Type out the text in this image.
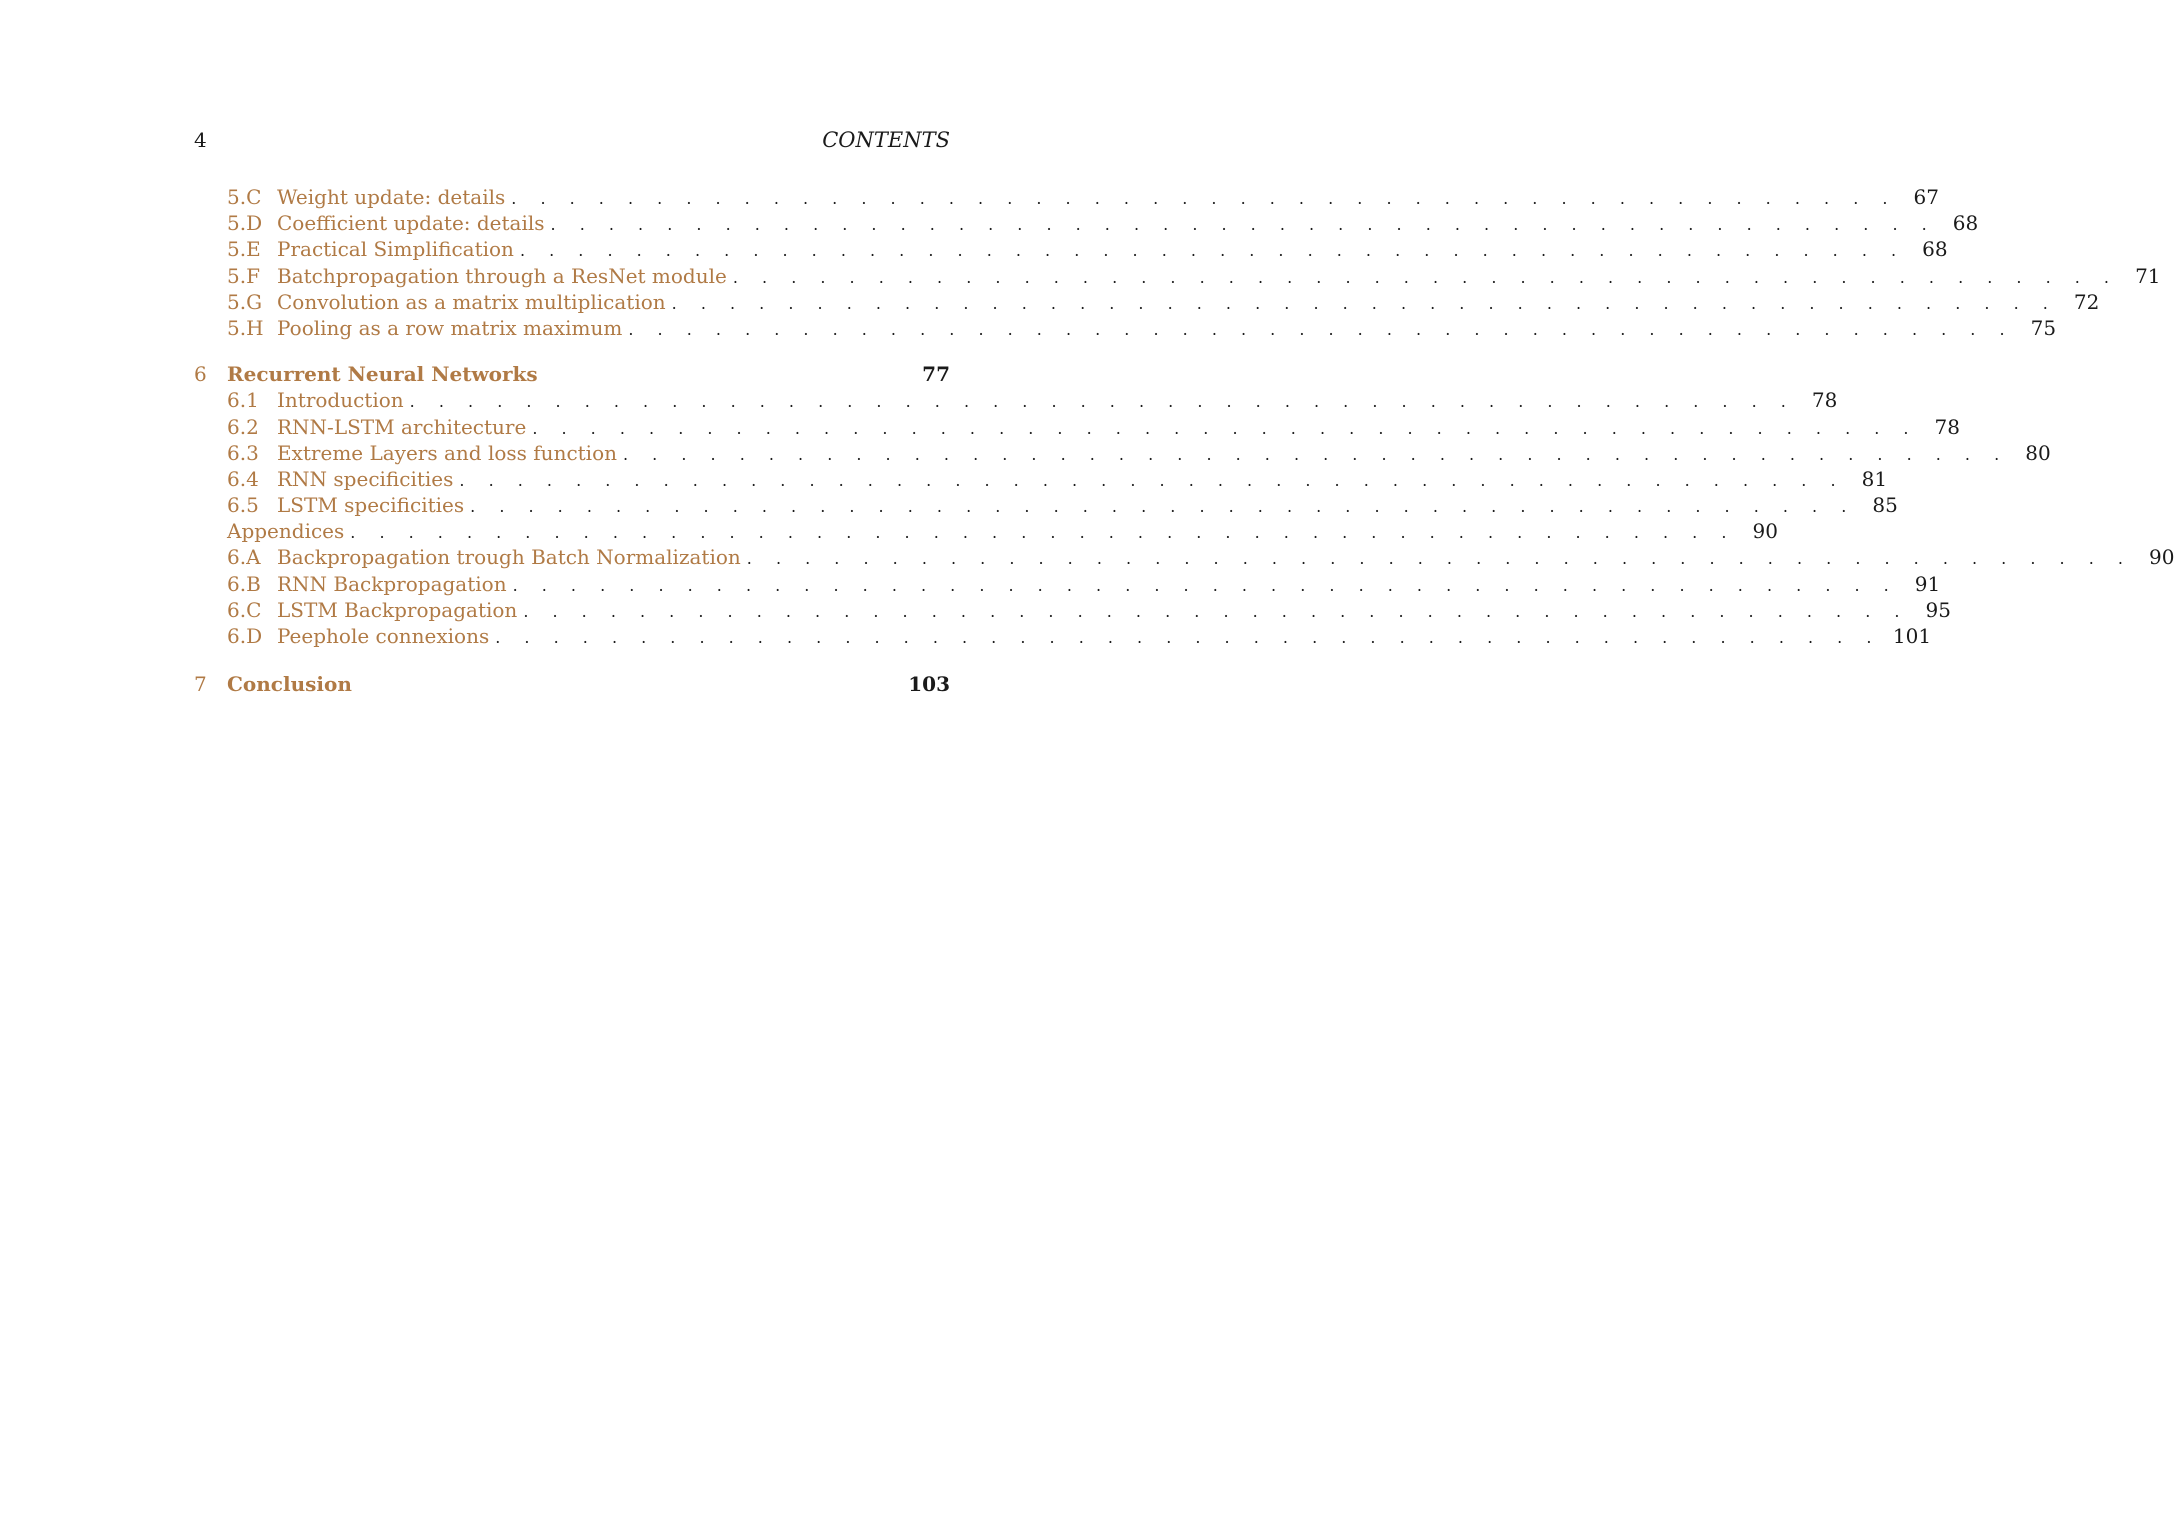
4	CONTENTS
5.C Weight update: details . . . . . . . . . . . . . . . . . . . . . . . . . . . . . . . . . . . . . . . . . . . . . . . . 67
5.D Coefficient update: details . . . . . . . . . . . . . . . . . . . . . . . . . . . . . . . . . . . . . . . . . . . . . . . . 68
5.E Practical Simplification . . . . . . . . . . . . . . . . . . . . . . . . . . . . . . . . . . . . . . . . . . . . . . . . 68
5.F Batchpropagation through a ResNet module . . . . . . . . . . . . . . . . . . . . . . . . . . . . . . . . . . . . . . . . . . . . . . . . 71
5.G Convolution as a matrix multiplication . . . . . . . . . . . . . . . . . . . . . . . . . . . . . . . . . . . . . . . . . . . . . . . . 72
5.H Pooling as a row matrix maximum . . . . . . . . . . . . . . . . . . . . . . . . . . . . . . . . . . . . . . . . . . . . . . . . 75
6	Recurrent Neural Networks	77
6.1 Introduction . . . . . . . . . . . . . . . . . . . . . . . . . . . . . . . . . . . . . . . . . . . . . . . . 78
6.2 RNN-LSTM architecture . . . . . . . . . . . . . . . . . . . . . . . . . . . . . . . . . . . . . . . . . . . . . . . . 78
6.3 Extreme Layers and loss function . . . . . . . . . . . . . . . . . . . . . . . . . . . . . . . . . . . . . . . . . . . . . . . . 80
6.4 RNN specificities . . . . . . . . . . . . . . . . . . . . . . . . . . . . . . . . . . . . . . . . . . . . . . . . 81
6.5 LSTM specificities . . . . . . . . . . . . . . . . . . . . . . . . . . . . . . . . . . . . . . . . . . . . . . . . 85
Appendices . . . . . . . . . . . . . . . . . . . . . . . . . . . . . . . . . . . . . . . . . . . . . . . . 90
6.A Backpropagation trough Batch Normalization . . . . . . . . . . . . . . . . . . . . . . . . . . . . . . . . . . . . . . . . . . . . . . . . 90
6.B RNN Backpropagation . . . . . . . . . . . . . . . . . . . . . . . . . . . . . . . . . . . . . . . . . . . . . . . . 91
6.C LSTM Backpropagation . . . . . . . . . . . . . . . . . . . . . . . . . . . . . . . . . . . . . . . . . . . . . . . . 95
6.D Peephole connexions . . . . . . . . . . . . . . . . . . . . . . . . . . . . . . . . . . . . . . . . . . . . . . . . 101
7	Conclusion	103
